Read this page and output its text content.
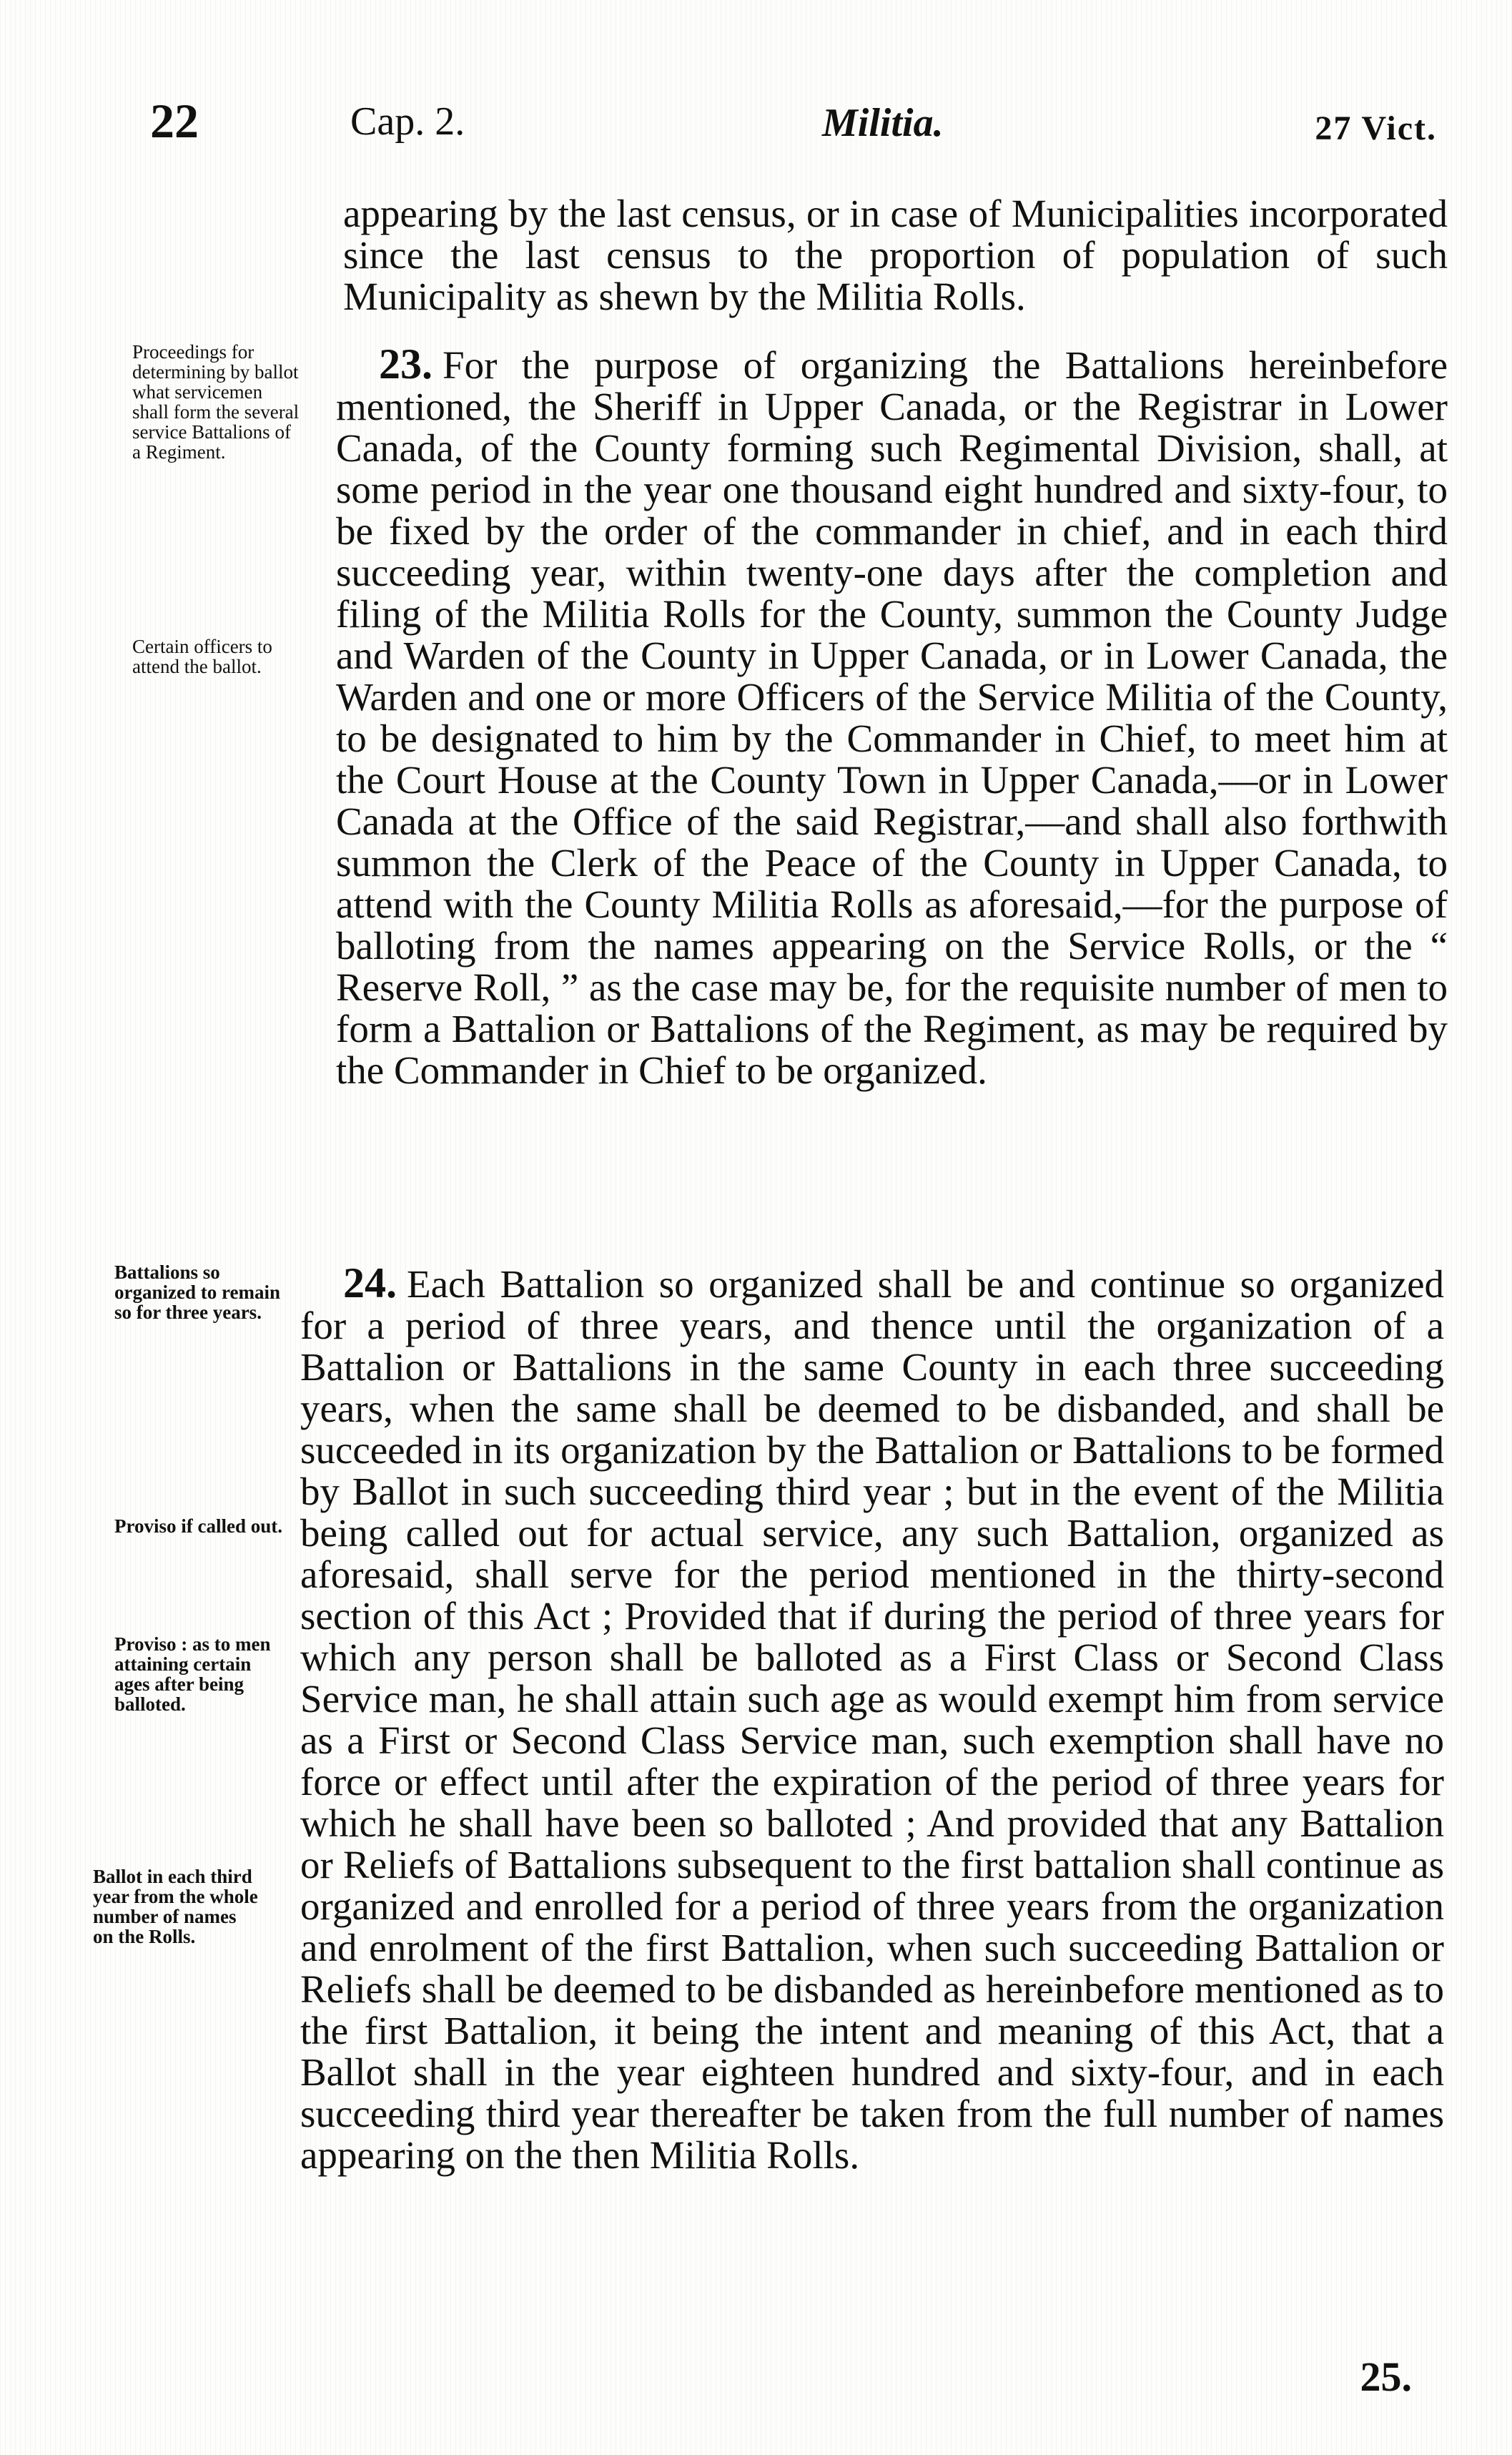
22	Cap. 2.	Militia.	27 Vict.

appearing by the last census, or in case of Municipalities incorporated since the last census to the proportion of population of such Municipality as shewn by the Militia Rolls.

23. For the purpose of organizing the Battalions hereinbefore mentioned, the Sheriff in Upper Canada, or the Registrar in Lower Canada, of the County forming such Regimental Division, shall, at some period in the year one thousand eight hundred and sixty-four, to be fixed by the order of the commander in chief, and in each third succeeding year, within twenty-one days after the completion and filing of the Militia Rolls for the County, summon the County Judge and Warden of the County in Upper Canada, or in Lower Canada, the Warden and one or more Officers of the Service Militia of the County, to be designated to him by the Commander in Chief, to meet him at the Court House at the County Town in Upper Canada,—or in Lower Canada at the Office of the said Registrar,—and shall also forthwith summon the Clerk of the Peace of the County in Upper Canada, to attend with the County Militia Rolls as aforesaid,—for the purpose of balloting from the names appearing on the Service Rolls, or the “ Reserve Roll, ” as the case may be, for the requisite number of men to form a Battalion or Battalions of the Regiment, as may be required by the Commander in Chief to be organized.

24. Each Battalion so organized shall be and continue so organized for a period of three years, and thence until the organization of a Battalion or Battalions in the same County in each three succeeding years, when the same shall be deemed to be disbanded, and shall be succeeded in its organization by the Battalion or Battalions to be formed by Ballot in such succeeding third year ; but in the event of the Militia being called out for actual service, any such Battalion, organized as aforesaid, shall serve for the period mentioned in the thirty-second section of this Act ; Provided that if during the period of three years for which any person shall be balloted as a First Class or Second Class Service man, he shall attain such age as would exempt him from service as a First or Second Class Service man, such exemption shall have no force or effect until after the expiration of the period of three years for which he shall have been so balloted ; And provided that any Battalion or Reliefs of Battalions subsequent to the first battalion shall continue as organized and enrolled for a period of three years from the organization and enrolment of the first Battalion, when such succeeding Battalion or Reliefs shall be deemed to be disbanded as hereinbefore mentioned as to the first Battalion, it being the intent and meaning of this Act, that a Ballot shall in the year eighteen hundred and sixty-four, and in each succeeding third year thereafter be taken from the full number of names appearing on the then Militia Rolls.

Proceedings for determining by ballot what servicemen shall form the several service Battalions of a Regiment.
Certain officers to attend the ballot.
Battalions so organized to remain so for three years.
Proviso if called out.
Proviso : as to men attaining certain ages after being balloted.
Ballot in each third year from the whole number of names on the Rolls.
25.
